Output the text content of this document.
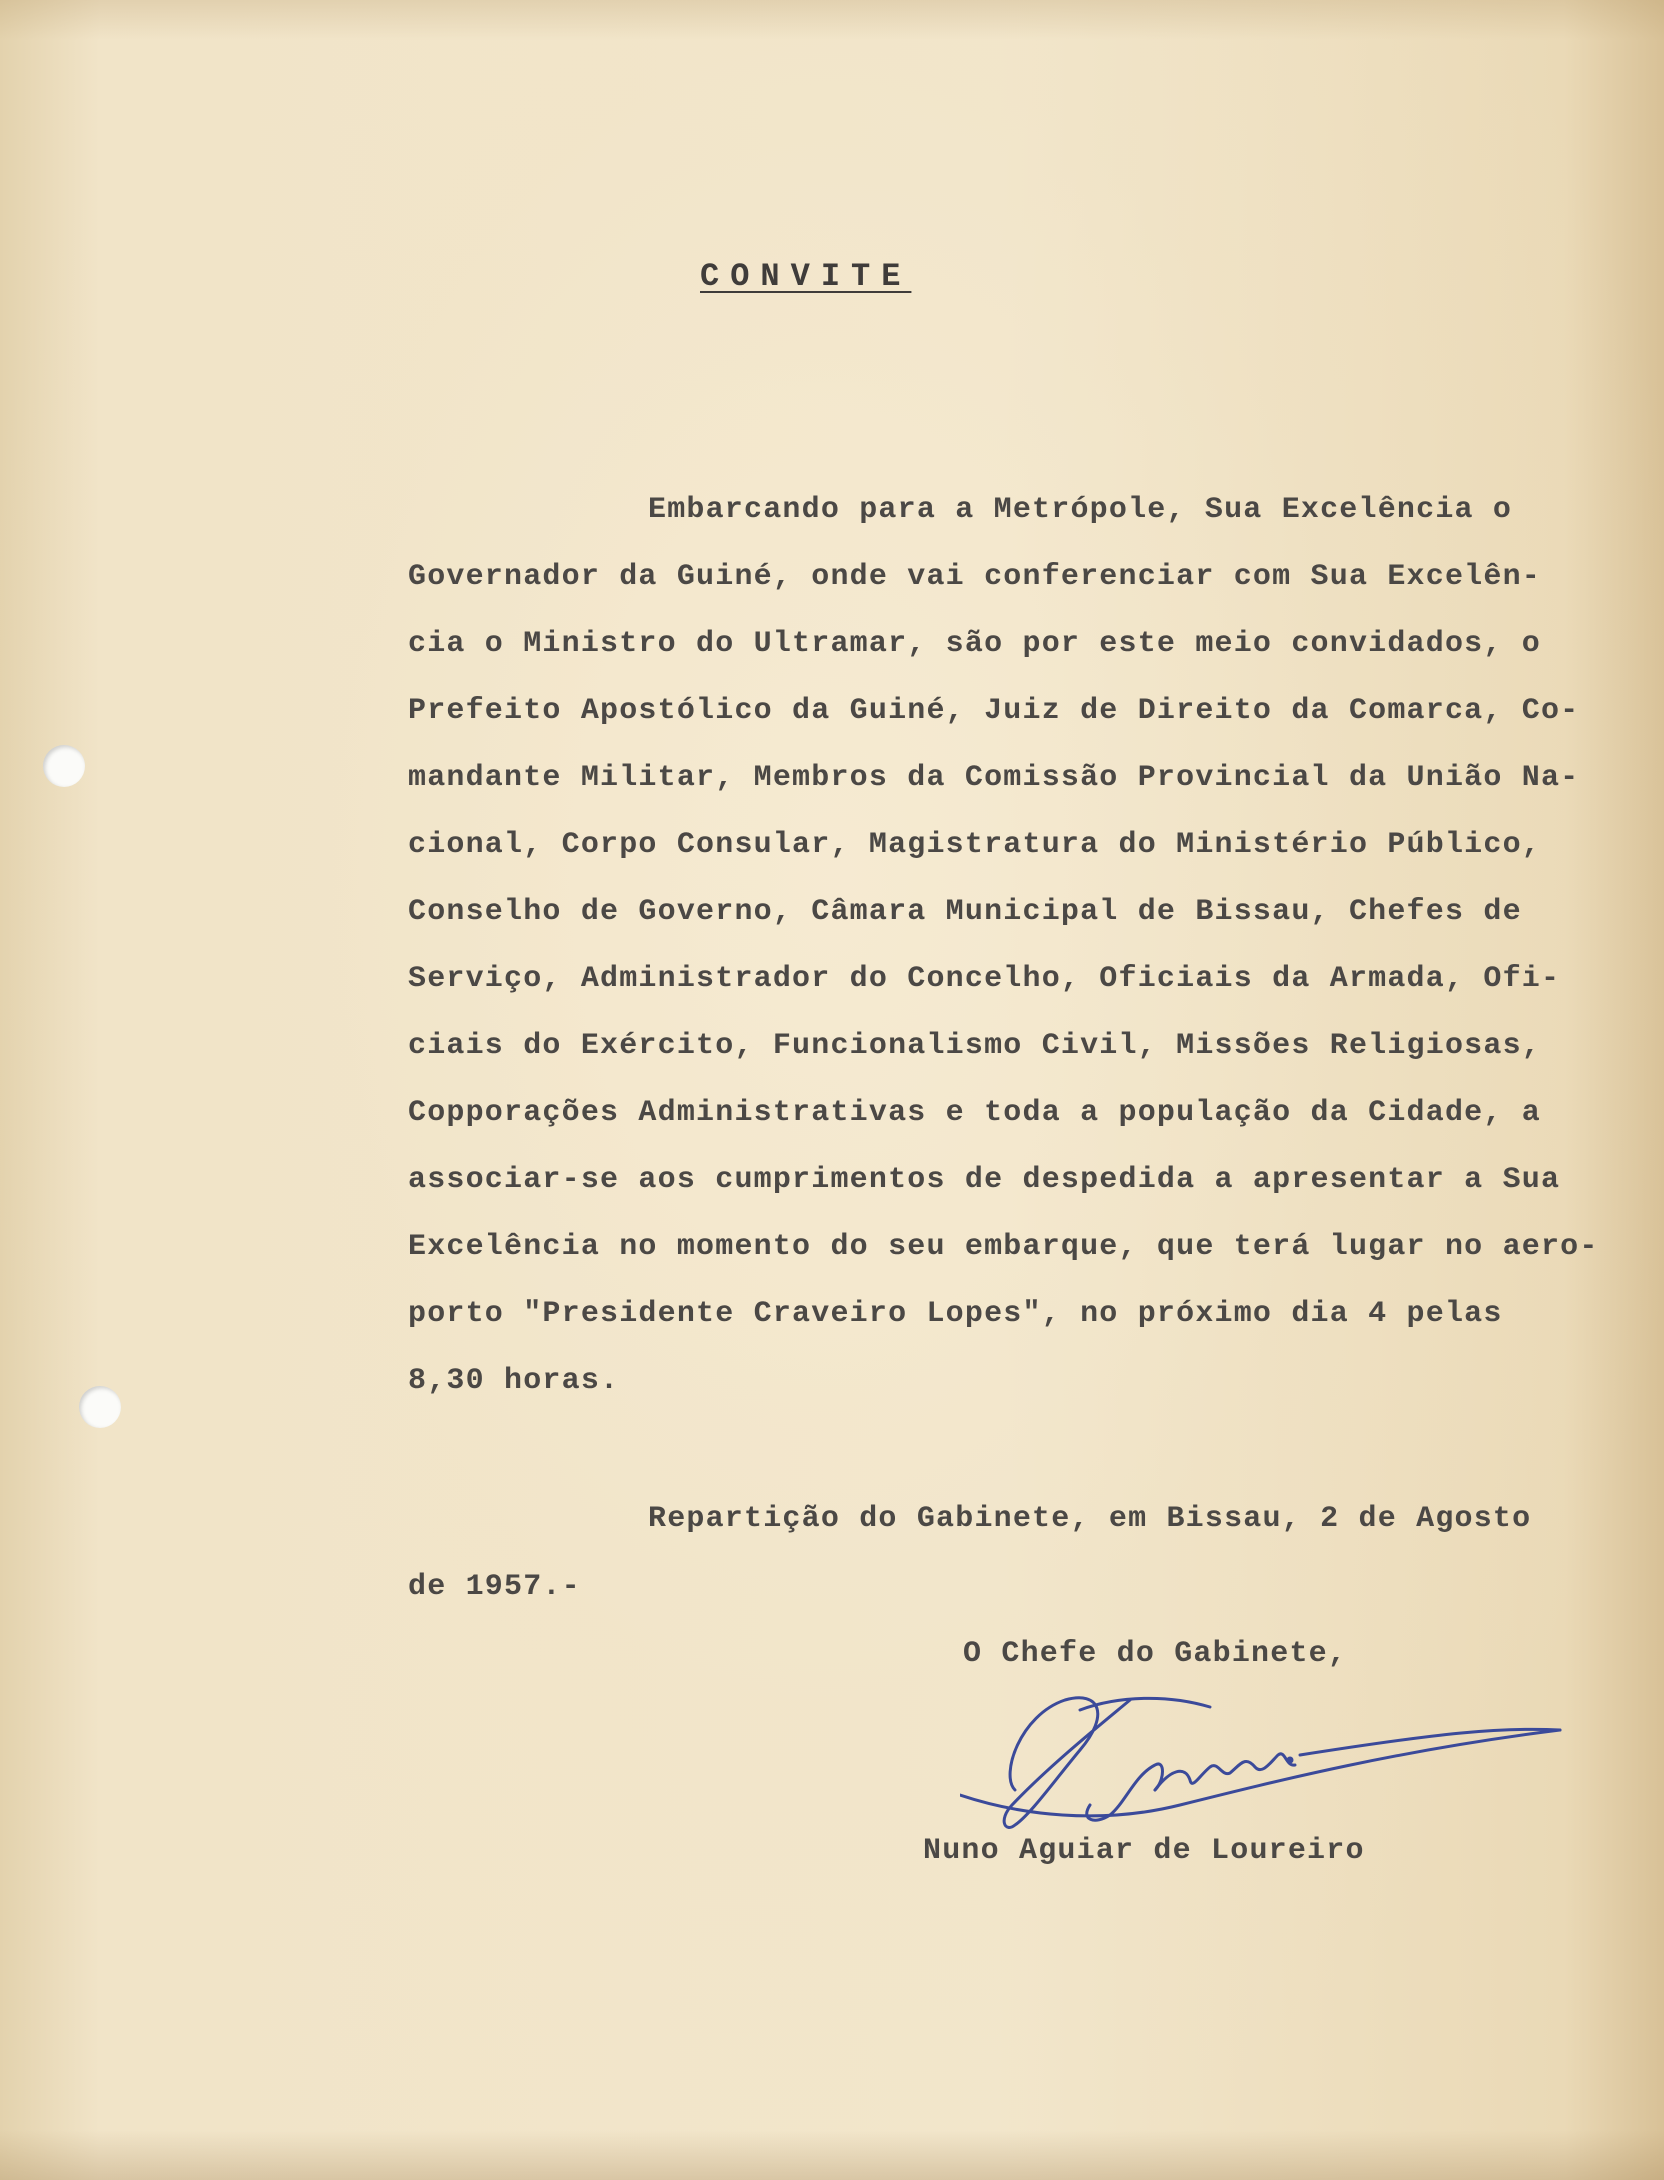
CONVITE
Embarcando para a Metrópole, Sua Excelência o
Governador da Guiné, onde vai conferenciar com Sua Excelên-
cia o Ministro do Ultramar, são por este meio convidados, o
Prefeito Apostólico da Guiné, Juiz de Direito da Comarca, Co-
mandante Militar, Membros da Comissão Provincial da União Na-
cional, Corpo Consular, Magistratura do Ministério Público,
Conselho de Governo, Câmara Municipal de Bissau, Chefes de
Serviço, Administrador do Concelho, Oficiais da Armada, Ofi-
ciais do Exército, Funcionalismo Civil, Missões Religiosas,
Copporações Administrativas e toda a população da Cidade, a
associar-se aos cumprimentos de despedida a apresentar a Sua
Excelência no momento do seu embarque, que terá lugar no aero-
porto "Presidente Craveiro Lopes", no próximo dia 4 pelas
8,30 horas.
Repartição do Gabinete, em Bissau, 2 de Agosto
de 1957.-
O Chefe do Gabinete,
Nuno Aguiar de Loureiro
